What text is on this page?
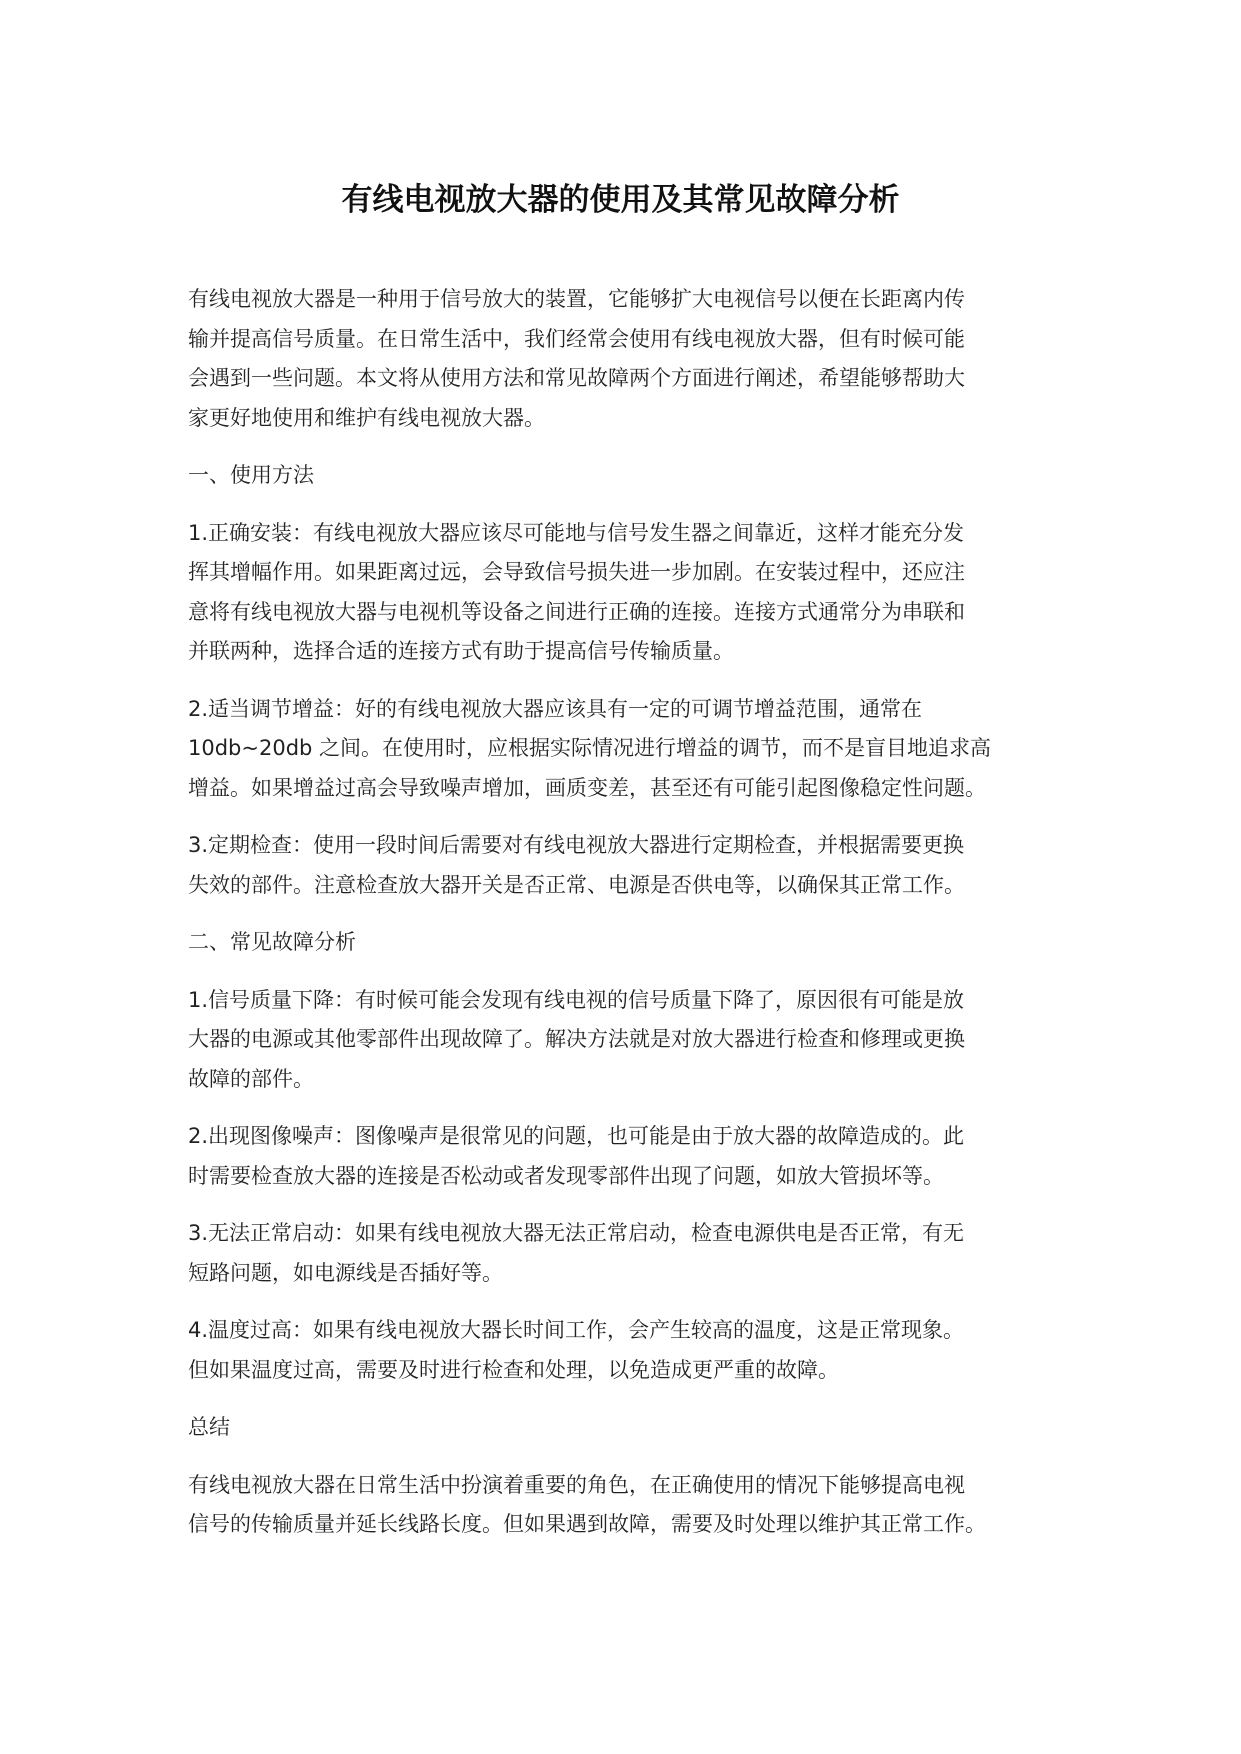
有线电视放大器的使用及其常见故障分析
有线电视放大器是一种用于信号放大的装置，它能够扩大电视信号以便在长距离内传
输并提高信号质量。在日常生活中，我们经常会使用有线电视放大器，但有时候可能
会遇到一些问题。本文将从使用方法和常见故障两个方面进行阐述，希望能够帮助大
家更好地使用和维护有线电视放大器。
一、使用方法
1.正确安装：有线电视放大器应该尽可能地与信号发生器之间靠近，这样才能充分发
挥其增幅作用。如果距离过远，会导致信号损失进一步加剧。在安装过程中，还应注
意将有线电视放大器与电视机等设备之间进行正确的连接。连接方式通常分为串联和
并联两种，选择合适的连接方式有助于提高信号传输质量。
2.适当调节增益：好的有线电视放大器应该具有一定的可调节增益范围，通常在
10db~20db 之间。在使用时，应根据实际情况进行增益的调节，而不是盲目地追求高
增益。如果增益过高会导致噪声增加，画质变差，甚至还有可能引起图像稳定性问题。
3.定期检查：使用一段时间后需要对有线电视放大器进行定期检查，并根据需要更换
失效的部件。注意检查放大器开关是否正常、电源是否供电等，以确保其正常工作。
二、常见故障分析
1.信号质量下降：有时候可能会发现有线电视的信号质量下降了，原因很有可能是放
大器的电源或其他零部件出现故障了。解决方法就是对放大器进行检查和修理或更换
故障的部件。
2.出现图像噪声：图像噪声是很常见的问题，也可能是由于放大器的故障造成的。此
时需要检查放大器的连接是否松动或者发现零部件出现了问题，如放大管损坏等。
3.无法正常启动：如果有线电视放大器无法正常启动，检查电源供电是否正常，有无
短路问题，如电源线是否插好等。
4.温度过高：如果有线电视放大器长时间工作，会产生较高的温度，这是正常现象。
但如果温度过高，需要及时进行检查和处理，以免造成更严重的故障。
总结
有线电视放大器在日常生活中扮演着重要的角色，在正确使用的情况下能够提高电视
信号的传输质量并延长线路长度。但如果遇到故障，需要及时处理以维护其正常工作。
